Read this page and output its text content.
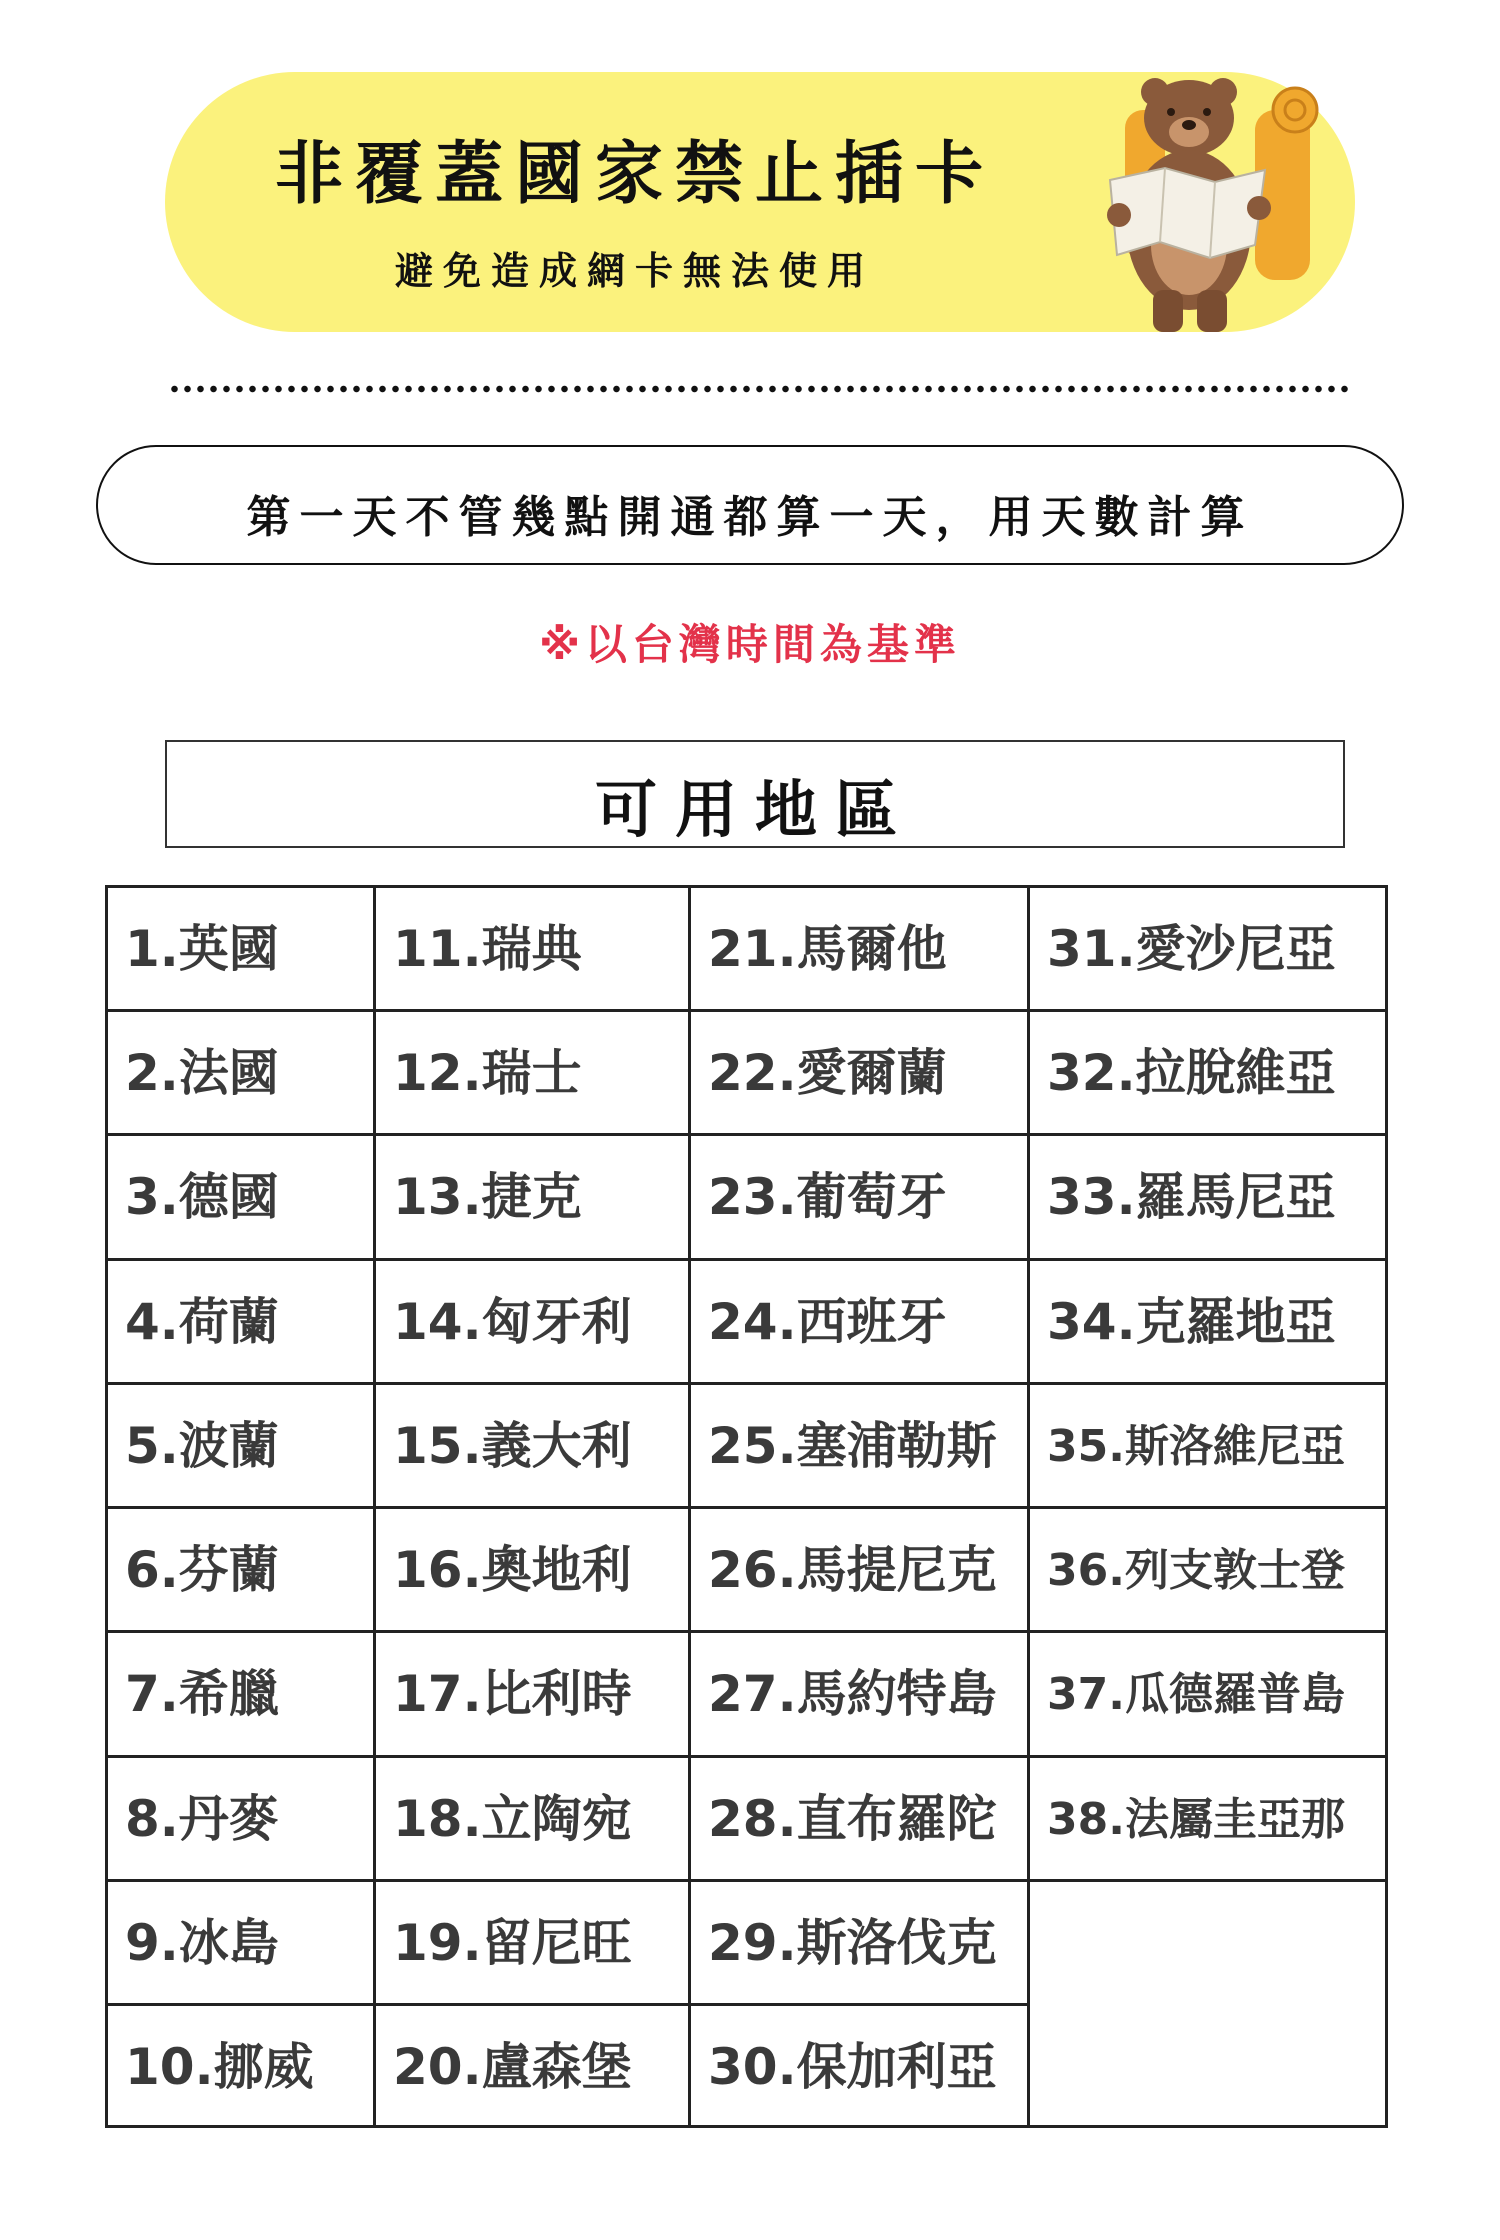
非覆蓋國家禁止插卡
避免造成網卡無法使用
第一天不管幾點開通都算一天，用天數計算
※以台灣時間為基準
可用地區
1.英國
2.法國
3.德國
4.荷蘭
5.波蘭
6.芬蘭
7.希臘
8.丹麥
9.冰島
10.挪威
11.瑞典
12.瑞士
13.捷克
14.匈牙利
15.義大利
16.奧地利
17.比利時
18.立陶宛
19.留尼旺
20.盧森堡
21.馬爾他
22.愛爾蘭
23.葡萄牙
24.西班牙
25.塞浦勒斯
26.馬提尼克
27.馬約特島
28.直布羅陀
29.斯洛伐克
30.保加利亞
31.愛沙尼亞
32.拉脫維亞
33.羅馬尼亞
34.克羅地亞
35.斯洛維尼亞
36.列支敦士登
37.瓜德羅普島
38.法屬圭亞那
